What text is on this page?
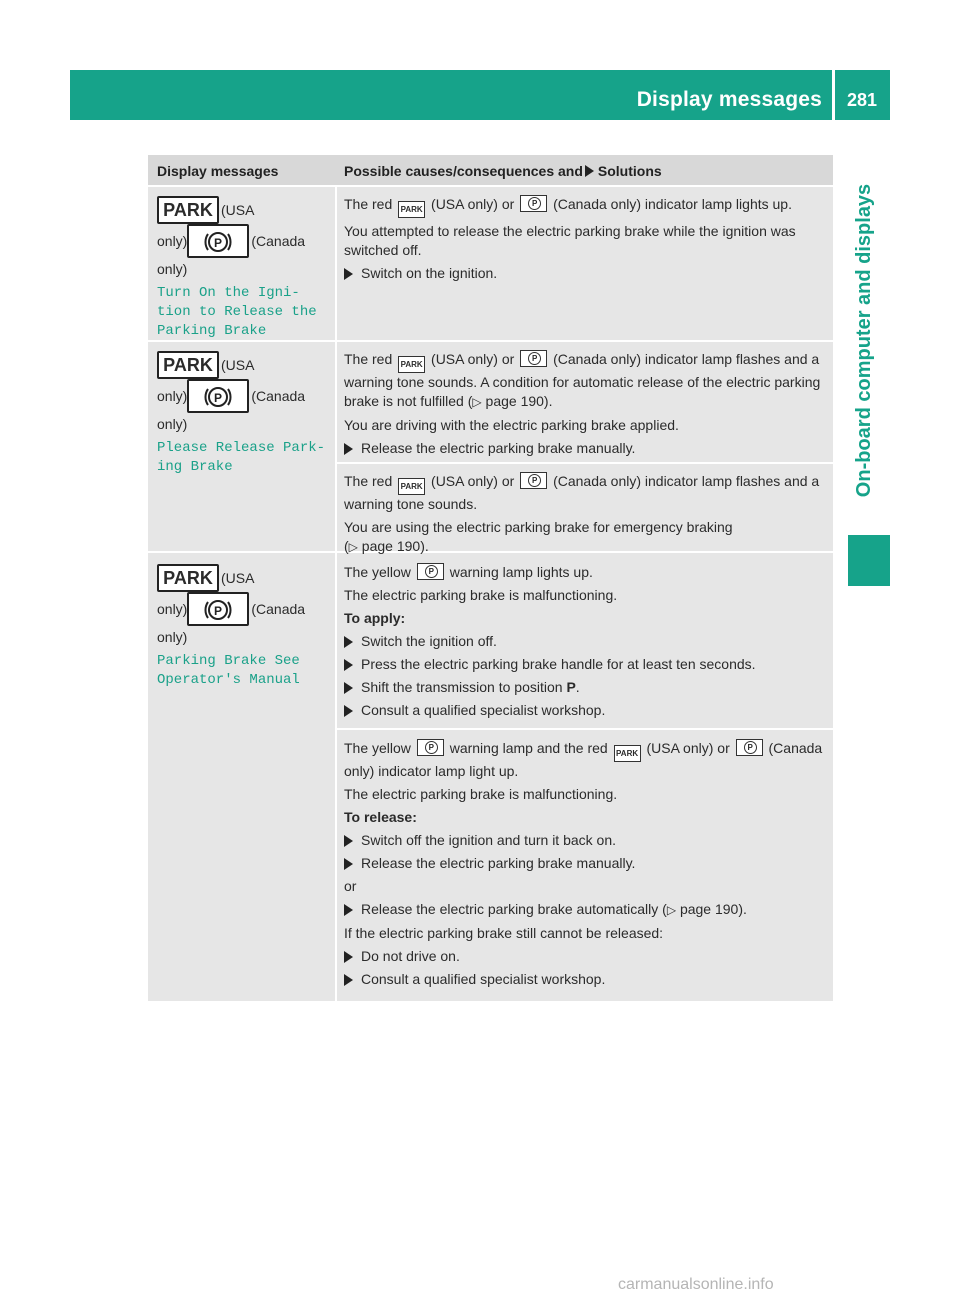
Display messages	281
On-board computer and displays
Display messages	Possible causes/consequences and Solutions
PARK (USA
only) P (Canada
only)
Turn On the Igni‐
tion to Release the
Parking Brake

The red PARK (USA only) or P	(Canada only) indicator lamp lights up.

You attempted to release the electric parking brake while the ignition was switched off.

Switch on the ignition.
PARK (USA
only) P (Canada
only)
Please Release Park‐
ing Brake

The red PARK (USA only) or P	(Canada only) indicator lamp flashes and a warning tone sounds. A condition for automatic release of the electric parking brake is not fulfilled (▷ page 190).

You are driving with the electric parking brake applied.

Release the electric parking brake manually.

The red PARK (USA only) or P	(Canada only) indicator lamp flashes and a warning tone sounds.

You are using the electric parking brake for emergency braking
(▷ page 190).

PARK (USA
only) P (Canada
only)
Parking Brake See
Operator's Manual

The yellow P	warning lamp lights up.

The electric parking brake is malfunctioning.

To apply:

Switch the ignition off.
Press the electric parking brake handle for at least ten seconds.
Shift the transmission to position P.
Consult a qualified specialist workshop.

The yellow P	warning lamp and the red PARK (USA only) or P	(Canada only) indicator lamp light up.

The electric parking brake is malfunctioning.

To release:

Switch off the ignition and turn it back on.
Release the electric parking brake manually.

or

Release the electric parking brake automatically (▷ page 190).

If the electric parking brake still cannot be released:

Do not drive on.
Consult a qualified specialist workshop.
carmanualsonline.info
